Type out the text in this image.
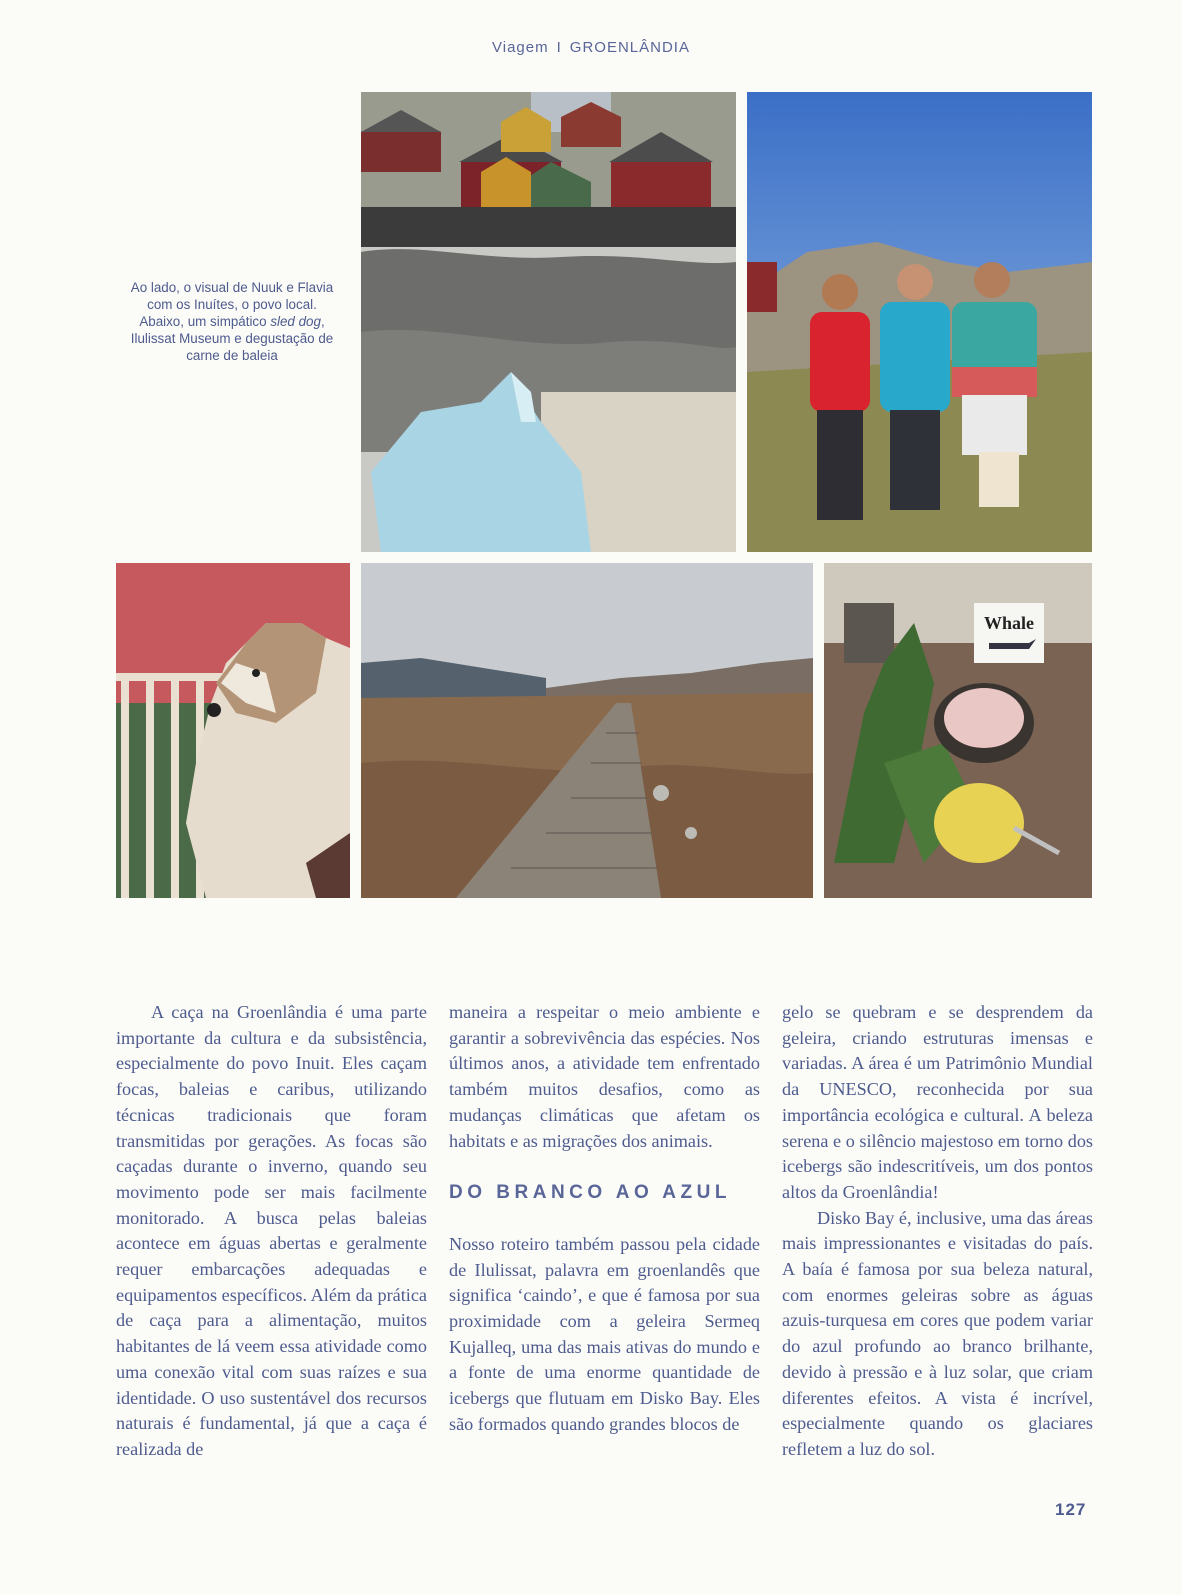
Viagem I GROENLÂNDIA
Ao lado, o visual de Nuuk e Flavia com os Inuítes, o povo local. Abaixo, um simpático sled dog, Ilulissat Museum e degustação de carne de baleia
Whale

A caça na Groenlândia é uma parte importante da cultura e da subsistência, especialmente do povo Inuit. Eles caçam focas, baleias e caribus, utilizando técnicas tradicionais que foram transmitidas por gerações. As focas são caçadas durante o inverno, quando seu movimento pode ser mais facilmente monitorado. A busca pelas baleias acontece em águas abertas e geralmente requer embarcações adequadas e equipamentos específicos. Além da prática de caça para a alimentação, muitos habitantes de lá veem essa atividade como uma conexão vital com suas raízes e sua identidade. O uso sustentável dos recursos naturais é fundamental, já que a caça é realizada de

maneira a respeitar o meio ambiente e garantir a sobrevivência das espécies. Nos últimos anos, a atividade tem enfrentado também muitos desafios, como as mudanças climáticas que afetam os habitats e as migrações dos animais.

DO BRANCO AO AZUL

Nosso roteiro também passou pela cidade de Ilulissat, palavra em groenlandês que significa ‘caindo’, e que é famosa por sua proximidade com a geleira Sermeq Kujalleq, uma das mais ativas do mundo e a fonte de uma enorme quantidade de icebergs que flutuam em Disko Bay. Eles são formados quando grandes blocos de

gelo se quebram e se desprendem da geleira, criando estruturas imensas e variadas. A área é um Patrimônio Mundial da UNESCO, reconhecida por sua importância ecológica e cultural. A beleza serena e o silêncio majestoso em torno dos icebergs são indescritíveis, um dos pontos altos da Groenlândia!

Disko Bay é, inclusive, uma das áreas mais impressionantes e visitadas do país. A baía é famosa por sua beleza natural, com enormes geleiras sobre as águas azuis-turquesa em cores que podem variar do azul profundo ao branco brilhante, devido à pressão e à luz solar, que criam diferentes efeitos. A vista é incrível, especialmente quando os glaciares refletem a luz do sol.

127
